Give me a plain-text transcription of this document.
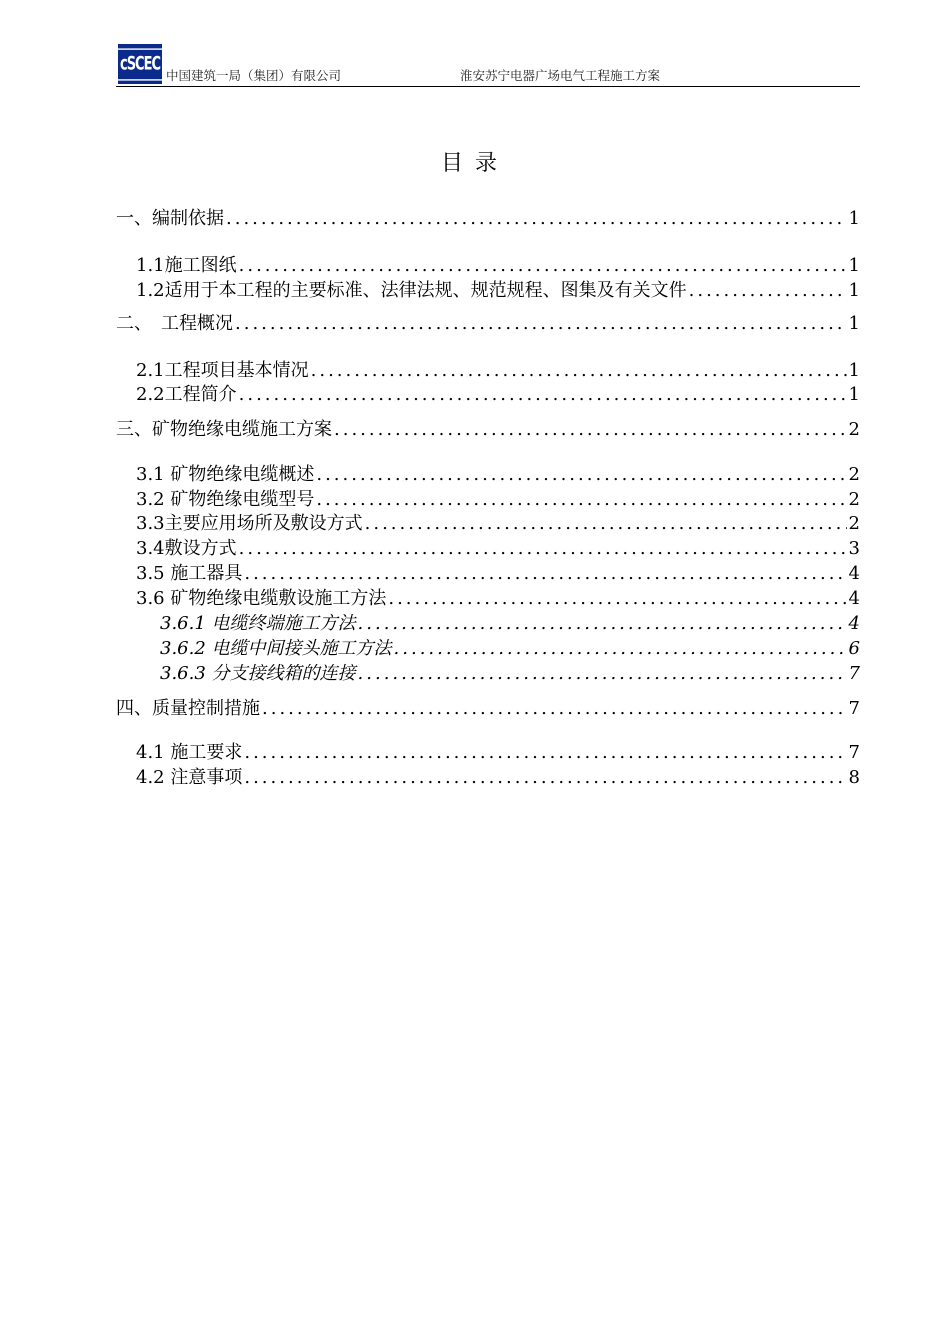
cSCEC
中国建筑一局（集团）有限公司	淮安苏宁电器广场电气工程施工方案
目录
一、编制依据 .....	1
1.1施工图纸 .....	1
1.2适用于本工程的主要标准、法律法规、规范规程、图集及有关文件 .....	1
二、　工程概况 .....	1
2.1工程项目基本情况 .....	1
2.2工程简介 .....	1
三、矿物绝缘电缆施工方案 .....	2
3.1 矿物绝缘电缆概述 .....	2
3.2 矿物绝缘电缆型号 .....	2
3.3主要应用场所及敷设方式 .....	2
3.4敷设方式 .....	3
3.5 施工器具 .....	4
3.6 矿物绝缘电缆敷设施工方法 .....	4
3.6.1 电缆终端施工方法 .....	4
3.6.2 电缆中间接头施工方法 .....	6
3.6.3 分支接线箱的连接 .....	7
四、质量控制措施 .....	7
4.1 施工要求 .....	7
4.2 注意事项 .....	8
